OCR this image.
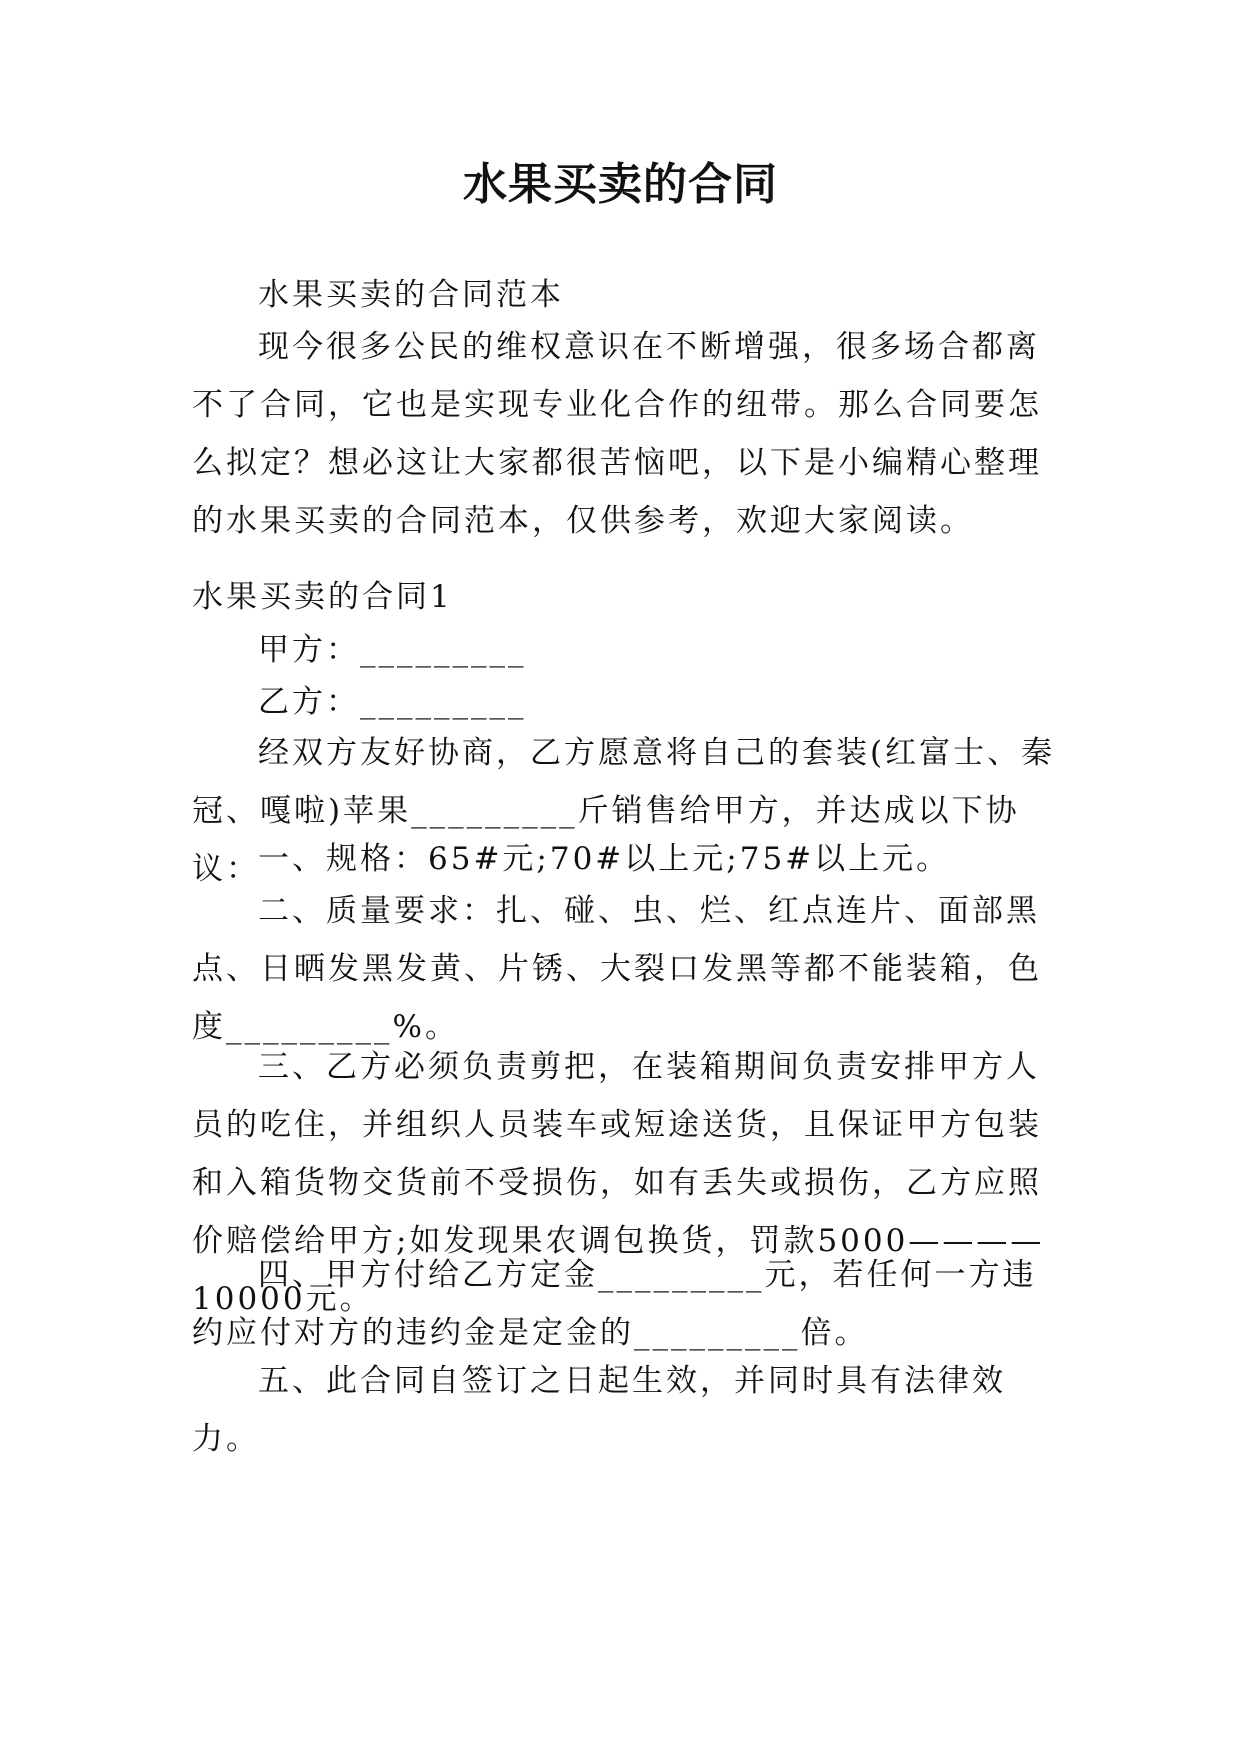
水果买卖的合同

水果买卖的合同范本

现今很多公民的维权意识在不断增强，很多场合都离不了合同，它也是实现专业化合作的纽带。那么合同要怎么拟定？想必这让大家都很苦恼吧，以下是小编精心整理的水果买卖的合同范本，仅供参考，欢迎大家阅读。

水果买卖的合同1

甲方：_________

乙方：_________

经双方友好协商，乙方愿意将自己的套装(红富士、秦冠、嘎啦)苹果_________斤销售给甲方，并达成以下协议：

一、规格：65#元;70#以上元;75#以上元。

二、质量要求：扎、碰、虫、烂、红点连片、面部黑点、日晒发黑发黄、片锈、大裂口发黑等都不能装箱，色度_________%。

三、乙方必须负责剪把，在装箱期间负责安排甲方人员的吃住，并组织人员装车或短途送货，且保证甲方包装和入箱货物交货前不受损伤，如有丢失或损伤，乙方应照价赔偿给甲方;如发现果农调包换货，罚款5000————10000元。

四、甲方付给乙方定金_________元，若任何一方违约应付对方的违约金是定金的_________倍。

五、此合同自签订之日起生效，并同时具有法律效力。
